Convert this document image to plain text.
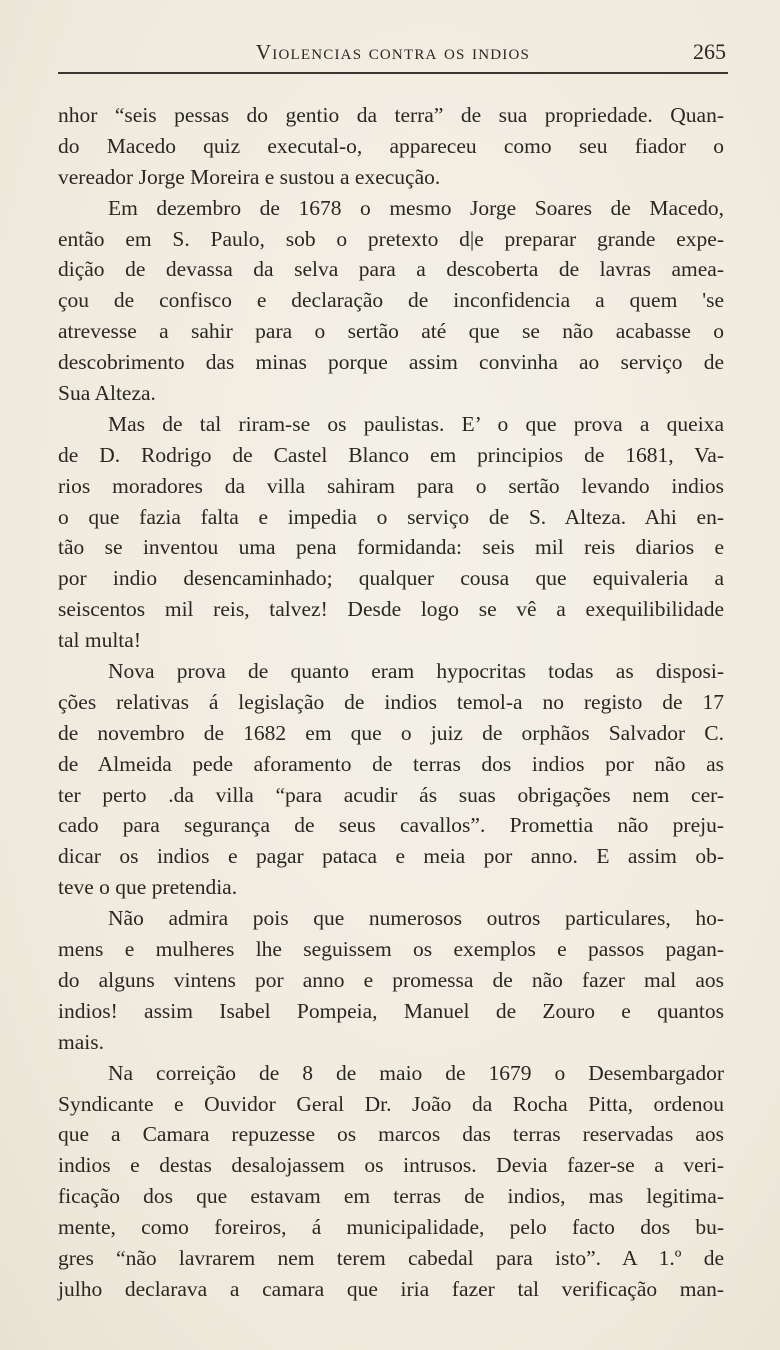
Violencias contra os indios	265
nhor “seis pessas do gentio da terra” de sua propriedade. Quan-
do Macedo quiz executal-o, appareceu como seu fiador o
vereador Jorge Moreira e sustou a execução.
Em dezembro de 1678 o mesmo Jorge Soares de Macedo,
então em S. Paulo, sob o pretexto d|e preparar grande expe-
dição de devassa da selva para a descoberta de lavras amea-
çou de confisco e declaração de inconfidencia a quem 'se
atrevesse a sahir para o sertão até que se não acabasse o
descobrimento das minas porque assim convinha ao serviço de
Sua Alteza.
Mas de tal riram-se os paulistas. E’ o que prova a queixa
de D. Rodrigo de Castel Blanco em principios de 1681, Va-
rios moradores da villa sahiram para o sertão levando indios
o que fazia falta e impedia o serviço de S. Alteza. Ahi en-
tão se inventou uma pena formidanda: seis mil reis diarios e
por indio desencaminhado; qualquer cousa que equivaleria a
seiscentos mil reis, talvez! Desde logo se vê a exequilibilidade
tal multa!
Nova prova de quanto eram hypocritas todas as disposi-
ções relativas á legislação de indios temol-a no registo de 17
de novembro de 1682 em que o juiz de orphãos Salvador C.
de Almeida pede aforamento de terras dos indios por não as
ter perto .da villa “para acudir ás suas obrigações nem cer-
cado para segurança de seus cavallos”. Promettia não preju-
dicar os indios e pagar pataca e meia por anno. E assim ob-
teve o que pretendia.
Não admira pois que numerosos outros particulares, ho-
mens e mulheres lhe seguissem os exemplos e passos pagan-
do alguns vintens por anno e promessa de não fazer mal aos
indios! assim Isabel Pompeia, Manuel de Zouro e quantos
mais.
Na correição de 8 de maio de 1679 o Desembargador
Syndicante e Ouvidor Geral Dr. João da Rocha Pitta, ordenou
que a Camara repuzesse os marcos das terras reservadas aos
indios e destas desalojassem os intrusos. Devia fazer-se a veri-
ficação dos que estavam em terras de indios, mas legitima-
mente, como foreiros, á municipalidade, pelo facto dos bu-
gres “não lavrarem nem terem cabedal para isto”. A 1.º de
julho declarava a camara que iria fazer tal verificação man-
